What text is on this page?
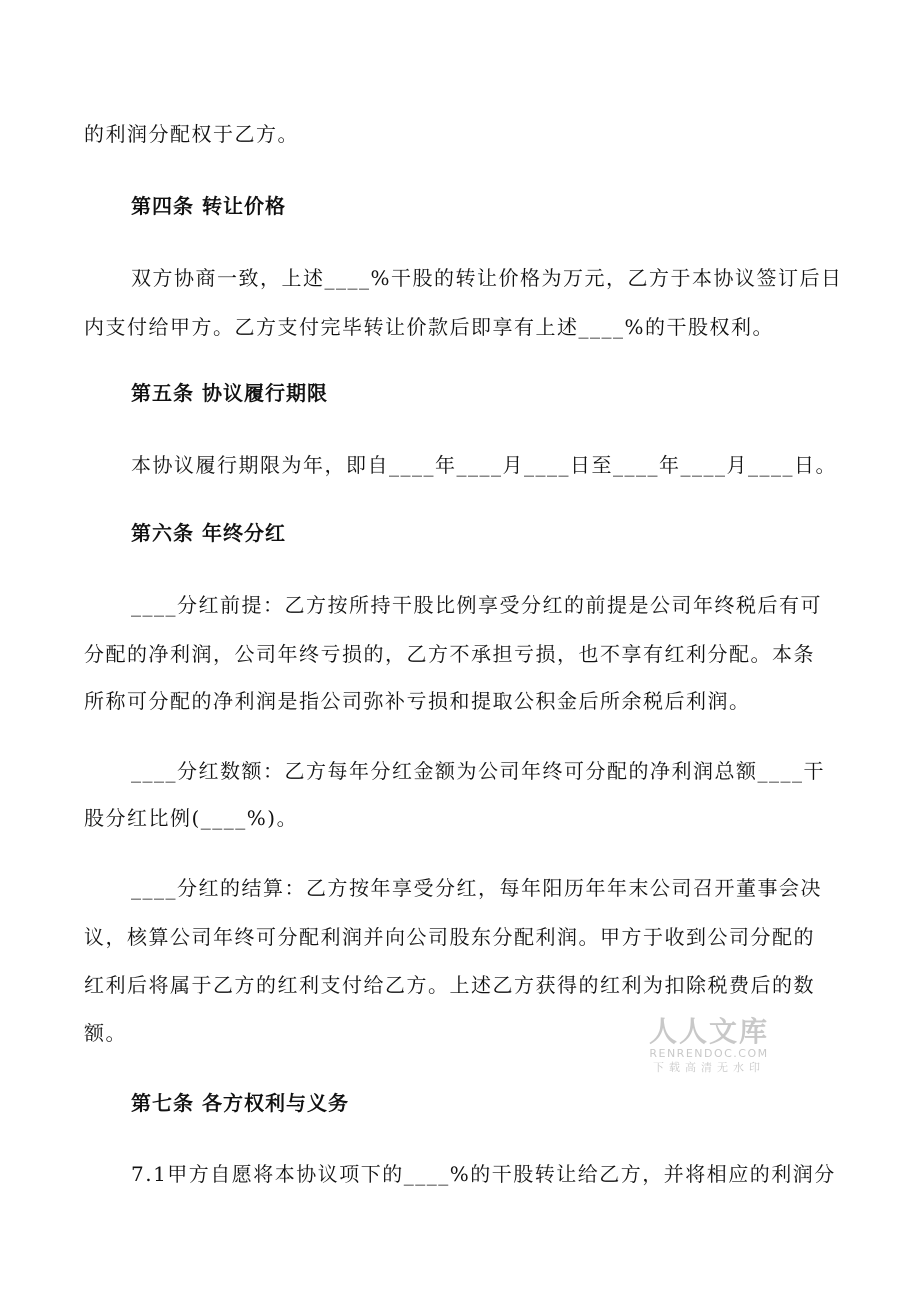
的利润分配权于乙方。
第四条 转让价格
双方协商一致，上述____%干股的转让价格为万元，乙方于本协议签订后日
内支付给甲方。乙方支付完毕转让价款后即享有上述____%的干股权利。
第五条 协议履行期限
本协议履行期限为年，即自____年____月____日至____年____月____日。
第六条 年终分红
____分红前提：乙方按所持干股比例享受分红的前提是公司年终税后有可
分配的净利润，公司年终亏损的，乙方不承担亏损，也不享有红利分配。本条
所称可分配的净利润是指公司弥补亏损和提取公积金后所余税后利润。
____分红数额：乙方每年分红金额为公司年终可分配的净利润总额____干
股分红比例(____%)。
____分红的结算：乙方按年享受分红，每年阳历年年末公司召开董事会决
议，核算公司年终可分配利润并向公司股东分配利润。甲方于收到公司分配的
红利后将属于乙方的红利支付给乙方。上述乙方获得的红利为扣除税费后的数
额。
第七条 各方权利与义务
7.1甲方自愿将本协议项下的____%的干股转让给乙方，并将相应的利润分
人人文库
RENRENDOC.COM
下载高清无水印
